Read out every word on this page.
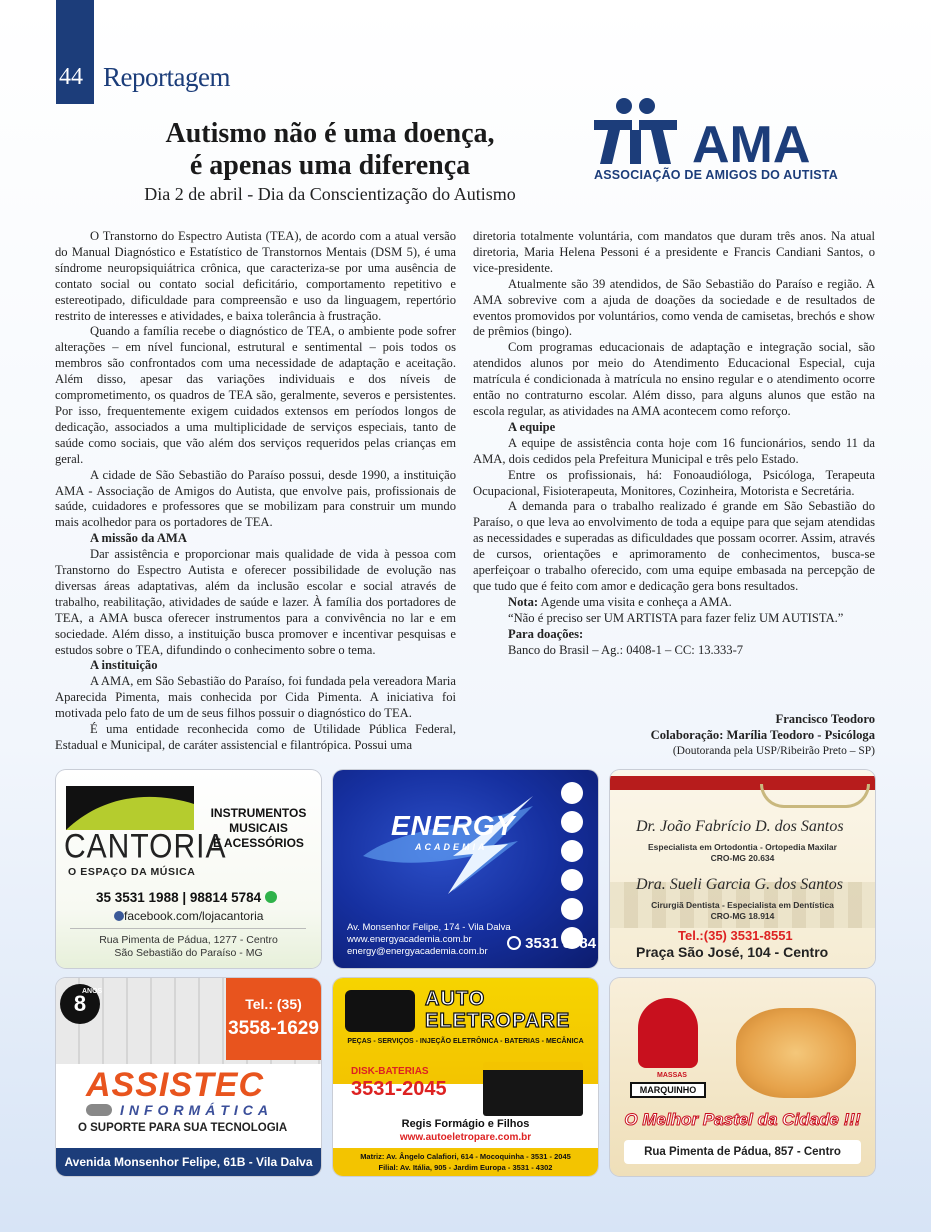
44 Reportagem
Autismo não é uma doença,
é apenas uma diferença
Dia 2 de abril - Dia da Conscientização do Autismo
AMA
ASSOCIAÇÃO DE AMIGOS DO AUTISTA

O Transtorno do Espectro Autista (TEA), de acordo com a atual versão do Manual Diagnóstico e Estatístico de Transtornos Mentais (DSM 5), é uma síndrome neuropsiquiátrica crônica, que caracteriza-se por uma ausência de contato social ou contato social deficitário, comportamento repetitivo e estereotipado, dificuldade para compreensão e uso da linguagem, repertório restrito de interesses e atividades, e baixa tolerância à frustração.

Quando a família recebe o diagnóstico de TEA, o ambiente pode sofrer alterações – em nível funcional, estrutural e sentimental – pois todos os membros são confrontados com uma necessidade de adaptação e aceitação. Além disso, apesar das variações individuais e dos níveis de comprometimento, os quadros de TEA são, geralmente, severos e persistentes. Por isso, frequentemente exigem cuidados extensos em períodos longos de dedicação, associados a uma multiplicidade de serviços especiais, tanto de saúde como sociais, que vão além dos serviços requeridos pelas crianças em geral.

A cidade de São Sebastião do Paraíso possui, desde 1990, a instituição AMA - Associação de Amigos do Autista, que envolve pais, profissionais de saúde, cuidadores e professores que se mobilizam para construir um mundo mais acolhedor para os portadores de TEA.

A missão da AMA

Dar assistência e proporcionar mais qualidade de vida à pessoa com Transtorno do Espectro Autista e oferecer possibilidade de evolução nas diversas áreas adaptativas, além da inclusão escolar e social através de trabalho, reabilitação, atividades de saúde e lazer. À família dos portadores de TEA, a AMA busca oferecer instrumentos para a convivência no lar e em sociedade. Além disso, a instituição busca promover e incentivar pesquisas e estudos sobre o TEA, difundindo o conhecimento sobre o tema.

A instituição

A AMA, em São Sebastião do Paraíso, foi fundada pela vereadora Maria Aparecida Pimenta, mais conhecida por Cida Pimenta. A iniciativa foi motivada pelo fato de um de seus filhos possuir o diagnóstico do TEA.

É uma entidade reconhecida como de Utilidade Pública Federal, Estadual e Municipal, de caráter assistencial e filantrópica. Possui uma

diretoria totalmente voluntária, com mandatos que duram três anos. Na atual diretoria, Maria Helena Pessoni é a presidente e Francis Candiani Santos, o vice-presidente.

Atualmente são 39 atendidos, de São Sebastião do Paraíso e região. A AMA sobrevive com a ajuda de doações da sociedade e de resultados de eventos promovidos por voluntários, como venda de camisetas, brechós e show de prêmios (bingo).

Com programas educacionais de adaptação e integração social, são atendidos alunos por meio do Atendimento Educacional Especial, cuja matrícula é condicionada à matrícula no ensino regular e o atendimento ocorre então no contraturno escolar. Além disso, para alguns alunos que estão na escola regular, as atividades na AMA acontecem como reforço.

A equipe

A equipe de assistência conta hoje com 16 funcionários, sendo 11 da AMA, dois cedidos pela Prefeitura Municipal e três pelo Estado.

Entre os profissionais, há: Fonoaudióloga, Psicóloga, Terapeuta Ocupacional, Fisioterapeuta, Monitores, Cozinheira, Motorista e Secretária.

A demanda para o trabalho realizado é grande em São Sebastião do Paraíso, o que leva ao envolvimento de toda a equipe para que sejam atendidas as necessidades e superadas as dificuldades que possam ocorrer. Assim, através de cursos, orientações e aprimoramento de conhecimentos, busca-se aperfeiçoar o trabalho oferecido, com uma equipe embasada na percepção de que tudo que é feito com amor e dedicação gera bons resultados.

Nota: Agende uma visita e conheça a AMA.
“Não é preciso ser UM ARTISTA para fazer feliz UM AUTISTA.”
Para doações:
Banco do Brasil – Ag.: 0408-1 – CC: 13.333-7
Francisco Teodoro
Colaboração: Marília Teodoro - Psicóloga
(Doutoranda pela USP/Ribeirão Preto – SP)
CANTORIA
O ESPAÇO DA MÚSICA
INSTRUMENTOS
MUSICAIS
E ACESSÓRIOS
35 3531 1988 | 98814 5784
facebook.com/lojacantoria
Rua Pimenta de Pádua, 1277 - Centro
São Sebastião do Paraíso - MG
ENERGY
ACADEMIA
Av. Monsenhor Felipe, 174 - Vila Dalva
www.energyacademia.com.br
energy@energyacademia.com.br	3531 8084
Dr. João Fabrício D. dos Santos
Especialista em Ortodontia - Ortopedia Maxilar
CRO-MG 20.634
Dra. Sueli Garcia G. dos Santos
Cirurgiã Dentista - Especialista em Dentística
CRO-MG 18.914
Tel.:(35) 3531-8551
Praça São José, 104 - Centro
8
ANOS
Tel.: (35)
3558-1629
ASSISTEC
INFORMÁTICA
O SUPORTE PARA SUA TECNOLOGIA
Avenida Monsenhor Felipe, 61B - Vila Dalva
AUTO
ELETROPARE
PEÇAS - SERVIÇOS - INJEÇÃO ELETRÔNICA - BATERIAS - MECÂNICA
DISK-BATERIAS
3531-2045
Regis Formágio e Filhos
www.autoeletropare.com.br
Matriz: Av. Ângelo Calafiori, 614 - Mocoquinha - 3531 - 2045
Filial: Av. Itália, 905 - Jardim Europa - 3531 - 4302
MASSAS
MARQUINHO
O Melhor Pastel da Cidade !!!
Rua Pimenta de Pádua, 857 - Centro
